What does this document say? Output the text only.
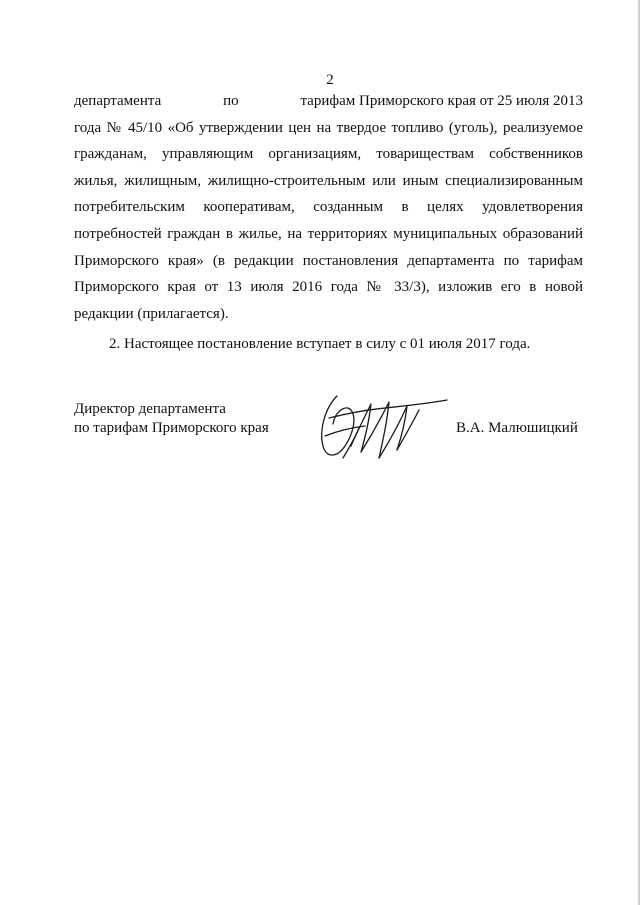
2
департамента	по	тарифам Приморского края от 25 июля 2013

года № 45/10 «Об утверждении цен на твердое топливо (уголь), реализуемое гражданам, управляющим организациям, товариществам собственников жилья, жилищным, жилищно-строительным или иным специализированным потребительским кооперативам, созданным в целях удовлетворения потребностей граждан в жилье, на территориях муниципальных образований Приморского края» (в редакции постановления департамента по тарифам Приморского края от 13 июля 2016 года № 33/3), изложив его в новой редакции (прилагается).

2. Настоящее постановление вступает в силу с 01 июля 2017 года.

Директор департамента
по тарифам Приморского края	В.А. Малюшицкий
